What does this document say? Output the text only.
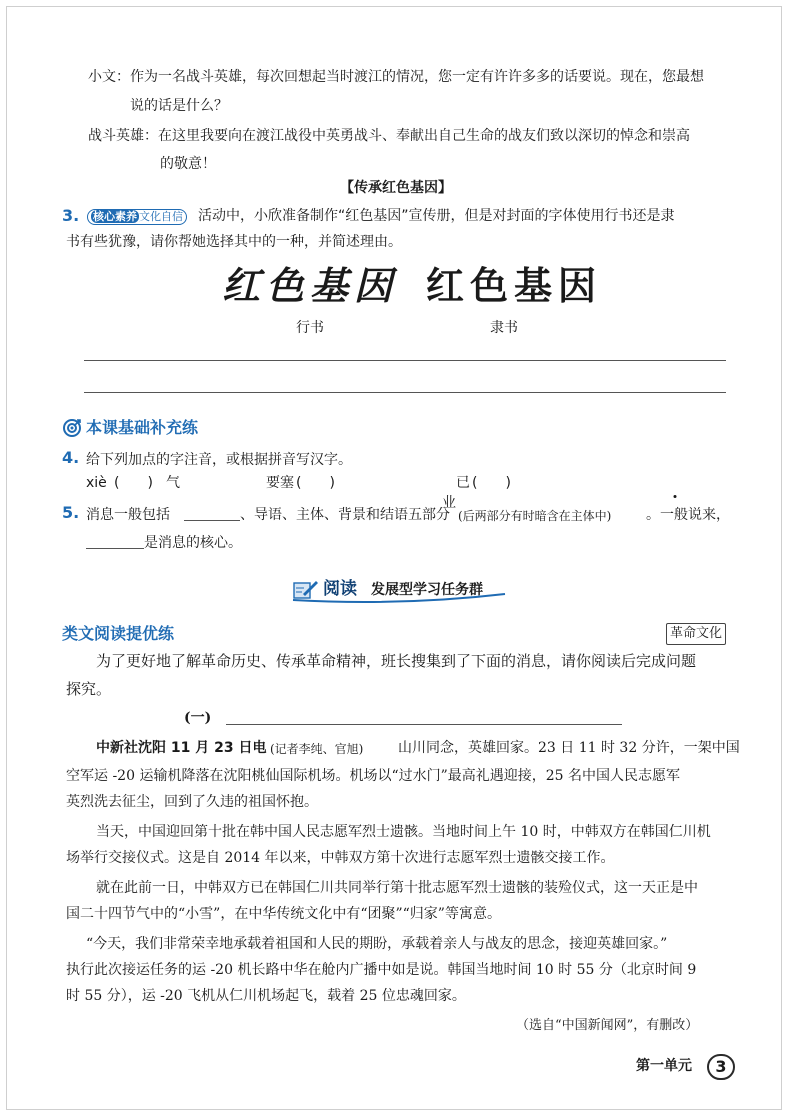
小文：作为一名战斗英雄，每次回想起当时渡江的情况，您一定有许许多多的话要说。现在，您最想
说的话是什么？
战斗英雄：在这里我要向在渡江战役中英勇战斗、奉献出自己生命的战友们致以深切的悼念和崇高
的敬意！
【传承红色基因】
3.	核心素养 文化自信 活动中，小欣准备制作“红色基因”宣传册，但是对封面的字体使用行书还是隶
书有些犹豫，请你帮她选择其中的一种，并简述理由。
红色基因 红色基因
行书	隶书
本课基础补充练
4. 给下列加点的字注音，或根据拼音写汉字。
xiè (　　) 气	要 塞 (　　)
业
已 (　　)
5. 消息一般包括	、导语、主体、背景和结语五部分 (后两部分有时暗含在主体中) 。一般说来，
是消息的核心。
阅读 发展型学习任务群
类文阅读提优练	革命文化
为了更好地了解革命历史、传承革命精神，班长搜集到了下面的消息，请你阅读后完成问题
探究。
(一)
中新社沈阳 11 月 23 日电 (记者李纯、官旭) 山川同念，英雄回家。23 日 11 时 32 分许，一架中国
空军运 -20 运输机降落在沈阳桃仙国际机场。机场以“过水门”最高礼遇迎接，25 名中国人民志愿军
英烈洗去征尘，回到了久违的祖国怀抱。
当天，中国迎回第十批在韩中国人民志愿军烈士遗骸。当地时间上午 10 时，中韩双方在韩国仁川机
场举行交接仪式。这是自 2014 年以来，中韩双方第十次进行志愿军烈士遗骸交接工作。
就在此前一日，中韩双方已在韩国仁川共同举行第十批志愿军烈士遗骸的装殓仪式，这一天正是中
国二十四节气中的“小雪”，在中华传统文化中有“团聚”“归家”等寓意。
“今天，我们非常荣幸地承载着祖国和人民的期盼，承载着亲人与战友的思念，接迎英雄回家。”
执行此次接运任务的运 -20 机长路中华在舱内广播中如是说。韩国当地时间 10 时 55 分（北京时间 9
时 55 分），运 -20 飞机从仁川机场起飞，载着 25 位忠魂回家。
（选自“中国新闻网”，有删改）
第一单元	3
